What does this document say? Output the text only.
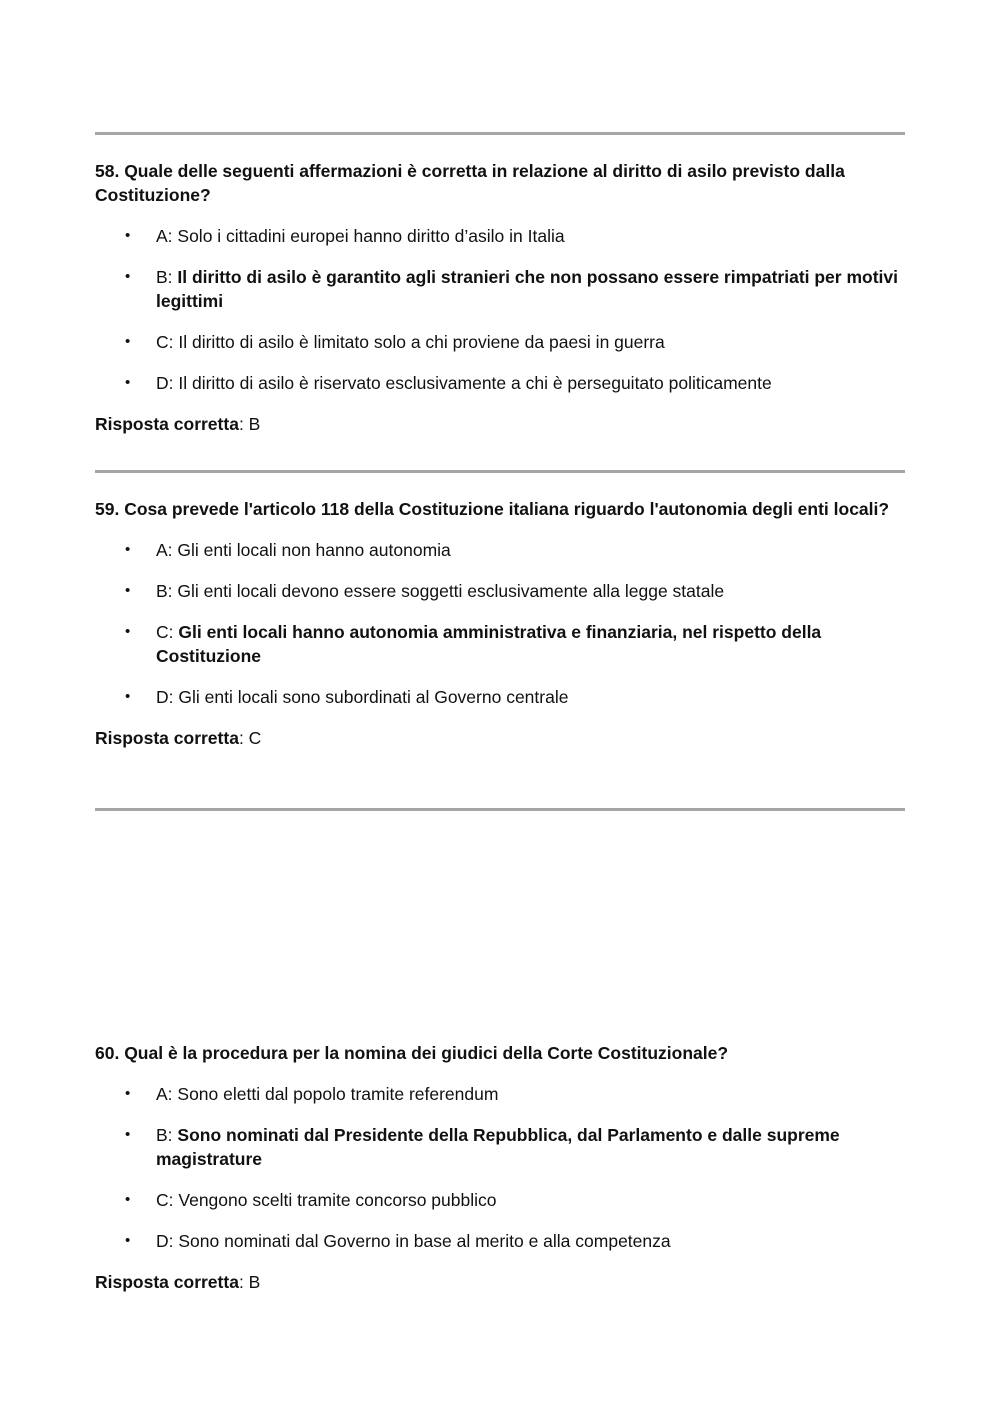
58. Quale delle seguenti affermazioni è corretta in relazione al diritto di asilo previsto dalla Costituzione?

• A: Solo i cittadini europei hanno diritto d’asilo in Italia
• B: Il diritto di asilo è garantito agli stranieri che non possano essere rimpatriati per motivi legittimi
• C: Il diritto di asilo è limitato solo a chi proviene da paesi in guerra
• D: Il diritto di asilo è riservato esclusivamente a chi è perseguitato politicamente
Risposta corretta: B

59. Cosa prevede l'articolo 118 della Costituzione italiana riguardo l'autonomia degli enti locali?

• A: Gli enti locali non hanno autonomia
• B: Gli enti locali devono essere soggetti esclusivamente alla legge statale
• C: Gli enti locali hanno autonomia amministrativa e finanziaria, nel rispetto della Costituzione
• D: Gli enti locali sono subordinati al Governo centrale
Risposta corretta: C

60. Qual è la procedura per la nomina dei giudici della Corte Costituzionale?

• A: Sono eletti dal popolo tramite referendum
• B: Sono nominati dal Presidente della Repubblica, dal Parlamento e dalle supreme magistrature
• C: Vengono scelti tramite concorso pubblico
• D: Sono nominati dal Governo in base al merito e alla competenza
Risposta corretta: B
